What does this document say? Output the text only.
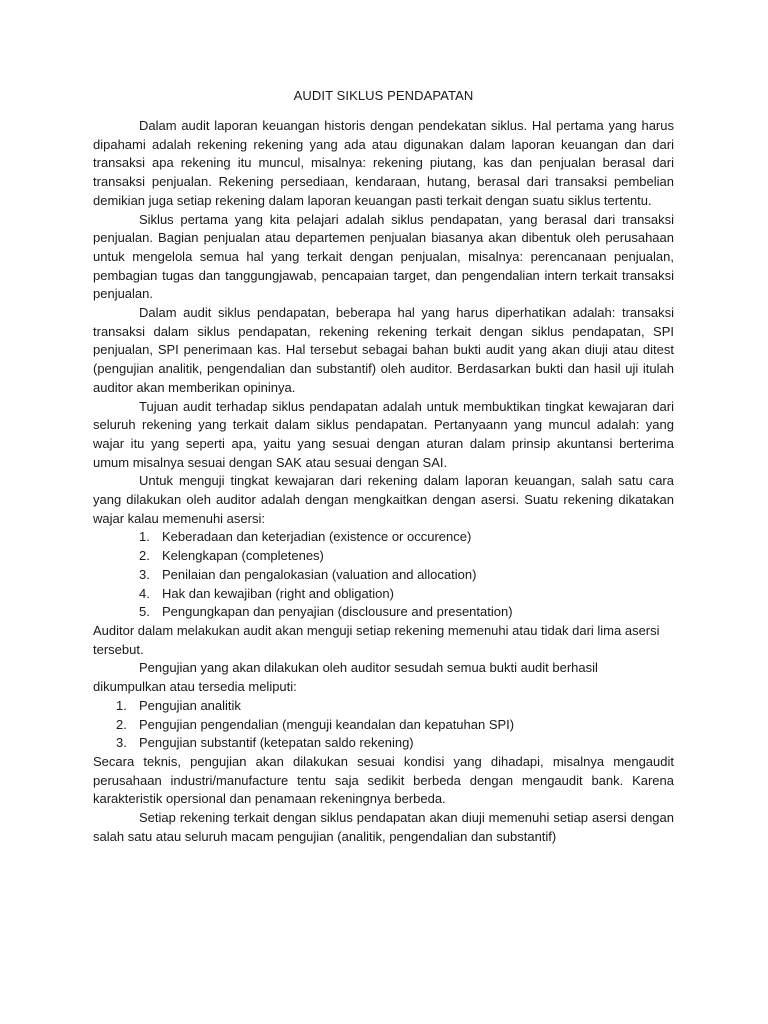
AUDIT SIKLUS PENDAPATAN

Dalam audit laporan keuangan historis dengan pendekatan siklus. Hal pertama yang harus dipahami adalah rekening rekening yang ada atau digunakan dalam laporan keuangan dan dari transaksi apa rekening itu muncul, misalnya: rekening piutang, kas dan penjualan berasal dari transaksi penjualan. Rekening persediaan, kendaraan, hutang, berasal dari transaksi pembelian demikian juga setiap rekening dalam laporan keuangan pasti terkait dengan suatu siklus tertentu.

Siklus pertama yang kita pelajari adalah siklus pendapatan, yang berasal dari transaksi penjualan. Bagian penjualan atau departemen penjualan biasanya akan dibentuk oleh perusahaan untuk mengelola semua hal yang terkait dengan penjualan, misalnya: perencanaan penjualan, pembagian tugas dan tanggungjawab, pencapaian target, dan pengendalian intern terkait transaksi penjualan.

Dalam audit siklus pendapatan, beberapa hal yang harus diperhatikan adalah: transaksi transaksi dalam siklus pendapatan, rekening rekening terkait dengan siklus pendapatan, SPI penjualan, SPI penerimaan kas. Hal tersebut sebagai bahan bukti audit yang akan diuji atau ditest (pengujian analitik, pengendalian dan substantif) oleh auditor. Berdasarkan bukti dan hasil uji itulah auditor akan memberikan opininya.

Tujuan audit terhadap siklus pendapatan adalah untuk membuktikan tingkat kewajaran dari seluruh rekening yang terkait dalam siklus pendapatan. Pertanyaann yang muncul adalah: yang wajar itu yang seperti apa, yaitu yang sesuai dengan aturan dalam prinsip akuntansi berterima umum misalnya sesuai dengan SAK atau sesuai dengan SAI.

Untuk menguji tingkat kewajaran dari rekening dalam laporan keuangan, salah satu cara yang dilakukan oleh auditor adalah dengan mengkaitkan dengan asersi. Suatu rekening dikatakan wajar kalau memenuhi asersi:

1. Keberadaan dan keterjadian (existence or occurence)
2. Kelengkapan (completenes)
3. Penilaian dan pengalokasian (valuation and allocation)
4. Hak dan kewajiban (right and obligation)
5. Pengungkapan dan penyajian (disclousure and presentation)

Auditor dalam melakukan audit akan menguji setiap rekening memenuhi atau tidak dari lima asersi tersebut.

Pengujian yang akan dilakukan oleh auditor sesudah semua bukti audit berhasil dikumpulkan atau tersedia meliputi:

1. Pengujian analitik
2. Pengujian pengendalian (menguji keandalan dan kepatuhan SPI)
3. Pengujian substantif (ketepatan saldo rekening)

Secara teknis, pengujian akan dilakukan sesuai kondisi yang dihadapi, misalnya mengaudit perusahaan industri/manufacture tentu saja sedikit berbeda dengan mengaudit bank. Karena karakteristik opersional dan penamaan rekeningnya berbeda.

Setiap rekening terkait dengan siklus pendapatan akan diuji memenuhi setiap asersi dengan salah satu atau seluruh macam pengujian (analitik, pengendalian dan substantif)
